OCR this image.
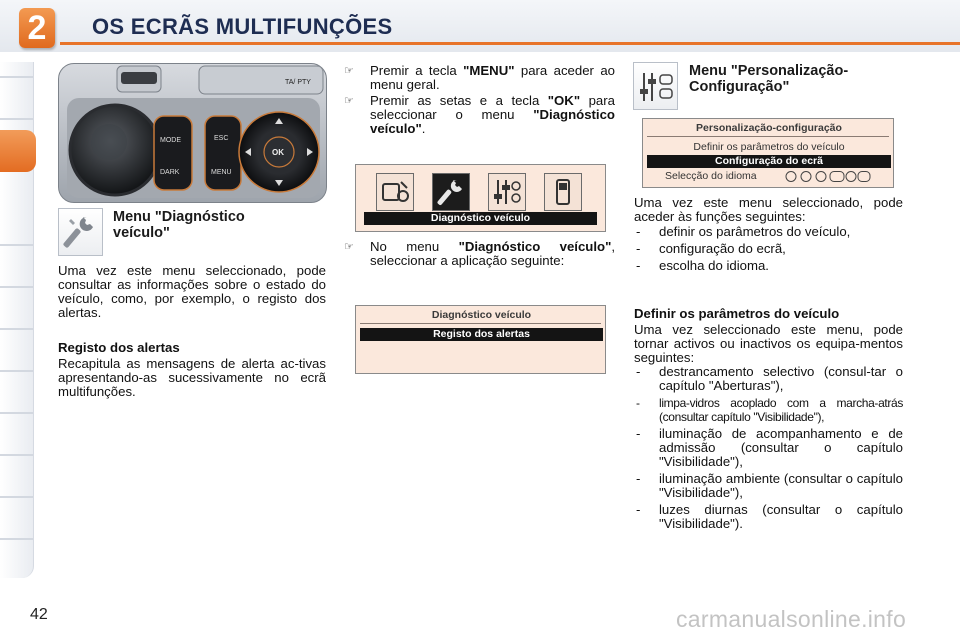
2	OS ECRÃS MULTIFUNÇÕES
TA/ PTY
MODE
DARK
ESC
MENU
OK
Menu "Diagnóstico
veículo"
Uma vez este menu seleccionado, pode consultar as informações sobre o estado do veículo, como, por exemplo, o registo dos alertas.
Registo dos alertas
Recapitula as mensagens de alerta ac-tivas apresentando-as sucessivamente no ecrã multifunções.
☞ Premir a tecla "MENU" para aceder ao menu geral.
☞ Premir as setas e a tecla "OK" para seleccionar o menu "Diagnóstico veículo".
Diagnóstico veículo
☞ No menu "Diagnóstico veículo", seleccionar a aplicação seguinte:
Diagnóstico veículo
Registo dos alertas
Menu "Personalização-
Configuração"
Personalização-configuração
Definir os parâmetros do veículo
Configuração do ecrã
Selecção do idioma
Uma vez este menu seleccionado, pode aceder às funções seguintes:
- definir os parâmetros do veículo,
- configuração do ecrã,
- escolha do idioma.
Definir os parâmetros do veículo
Uma vez seleccionado este menu, pode tornar activos ou inactivos os equipa-mentos seguintes:
- destrancamento selectivo (consul-tar o capítulo "Aberturas"),
- limpa-vidros acoplado com a marcha-atrás (consultar capítulo "Visibilidade"),
- iluminação de acompanhamento e de admissão (consultar o capítulo "Visibilidade"),
- iluminação ambiente (consultar o capítulo "Visibilidade"),
- luzes diurnas (consultar o capítulo "Visibilidade").
42	carmanualsonline.info
